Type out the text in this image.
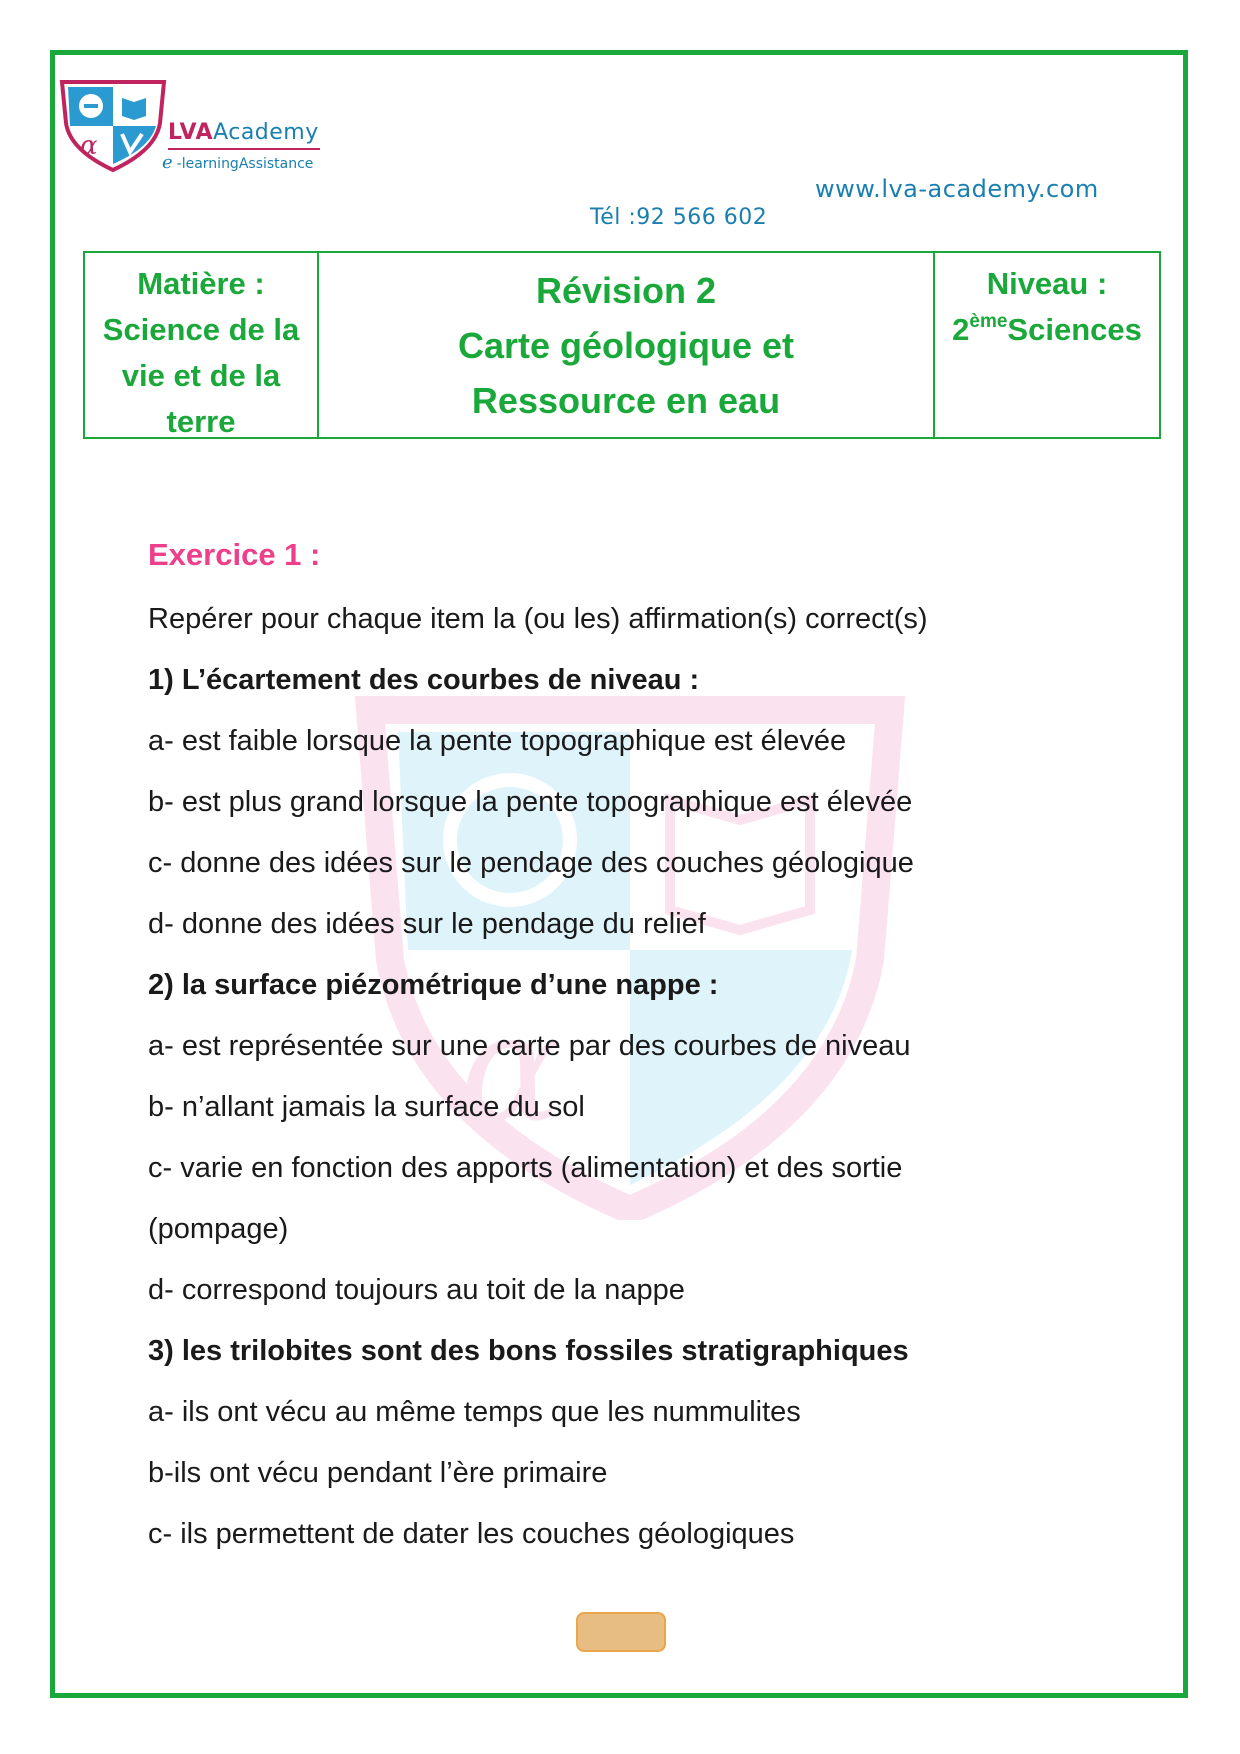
α	LVAAcademy
e -learningAssistance
www.lva-academy.com
Tél :92 566 602
Matière :
Science de la
vie et de la
terre
Révision 2
Carte géologique et
Ressource en eau
Niveau :
2èmeSciences
α
Exercice 1 :
Repérer pour chaque item la (ou les) affirmation(s) correct(s)
1) L’écartement des courbes de niveau :
a- est faible lorsque la pente topographique est élevée
b- est plus grand lorsque la pente topographique est élevée
c- donne des idées sur le pendage des couches géologique
d- donne des idées sur le pendage du relief
2) la surface piézométrique d’une nappe :
a- est représentée sur une carte par des courbes de niveau
b- n’allant jamais la surface du sol
c- varie en fonction des apports (alimentation) et des sortie
(pompage)
d- correspond toujours au toit de la nappe
3) les trilobites sont des bons fossiles stratigraphiques
a- ils ont vécu au même temps que les nummulites
b-ils ont vécu pendant l’ère primaire
c- ils permettent de dater les couches géologiques
